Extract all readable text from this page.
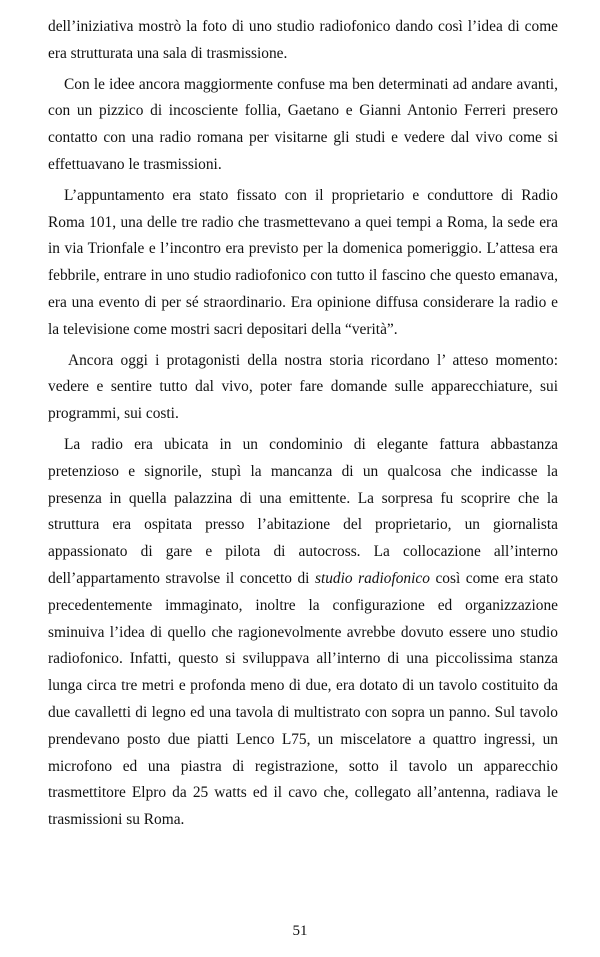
dell’iniziativa mostrò la foto di uno studio radiofonico dando così l’idea di come
era strutturata una sala di trasmissione.
Con le idee ancora maggiormente confuse ma ben determinati ad andare avanti,
con un pizzico di incosciente follia, Gaetano e Gianni Antonio Ferreri presero
contatto con una radio romana per visitarne gli studi e vedere dal vivo come si
effettuavano le trasmissioni.
L’appuntamento era stato fissato con il proprietario e conduttore di Radio
Roma 101, una delle tre radio che trasmettevano a quei tempi a Roma, la sede era
in via Trionfale e l’incontro era previsto per la domenica pomeriggio. L’attesa era
febbrile, entrare in uno studio radiofonico con tutto il fascino che questo emanava,
era una evento di per sé straordinario. Era opinione diffusa considerare la radio e
la televisione come mostri sacri depositari della “verità”.
Ancora oggi i protagonisti della nostra storia ricordano l’ atteso momento:
vedere e sentire tutto dal vivo, poter fare domande sulle apparecchiature, sui
programmi, sui costi.
La radio era ubicata in un condominio di elegante fattura abbastanza
pretenzioso e signorile, stupì la mancanza di un qualcosa che indicasse la
presenza in quella palazzina di una emittente. La sorpresa fu scoprire che la
struttura era ospitata presso l’abitazione del proprietario, un giornalista
appassionato di gare e pilota di autocross. La collocazione all’interno
dell’appartamento stravolse il concetto di studio radiofonico così come era stato
precedentemente immaginato, inoltre la configurazione ed organizzazione
sminuiva l’idea di quello che ragionevolmente avrebbe dovuto essere uno studio
radiofonico. Infatti, questo si sviluppava all’interno di una piccolissima stanza
lunga circa tre metri e profonda meno di due, era dotato di un tavolo costituito da
due cavalletti di legno ed una tavola di multistrato con sopra un panno. Sul tavolo
prendevano posto due piatti Lenco L75, un miscelatore a quattro ingressi, un
microfono ed una piastra di registrazione, sotto il tavolo un apparecchio
trasmettitore Elpro da 25 watts ed il cavo che, collegato all’antenna, radiava le
trasmissioni su Roma.
51
